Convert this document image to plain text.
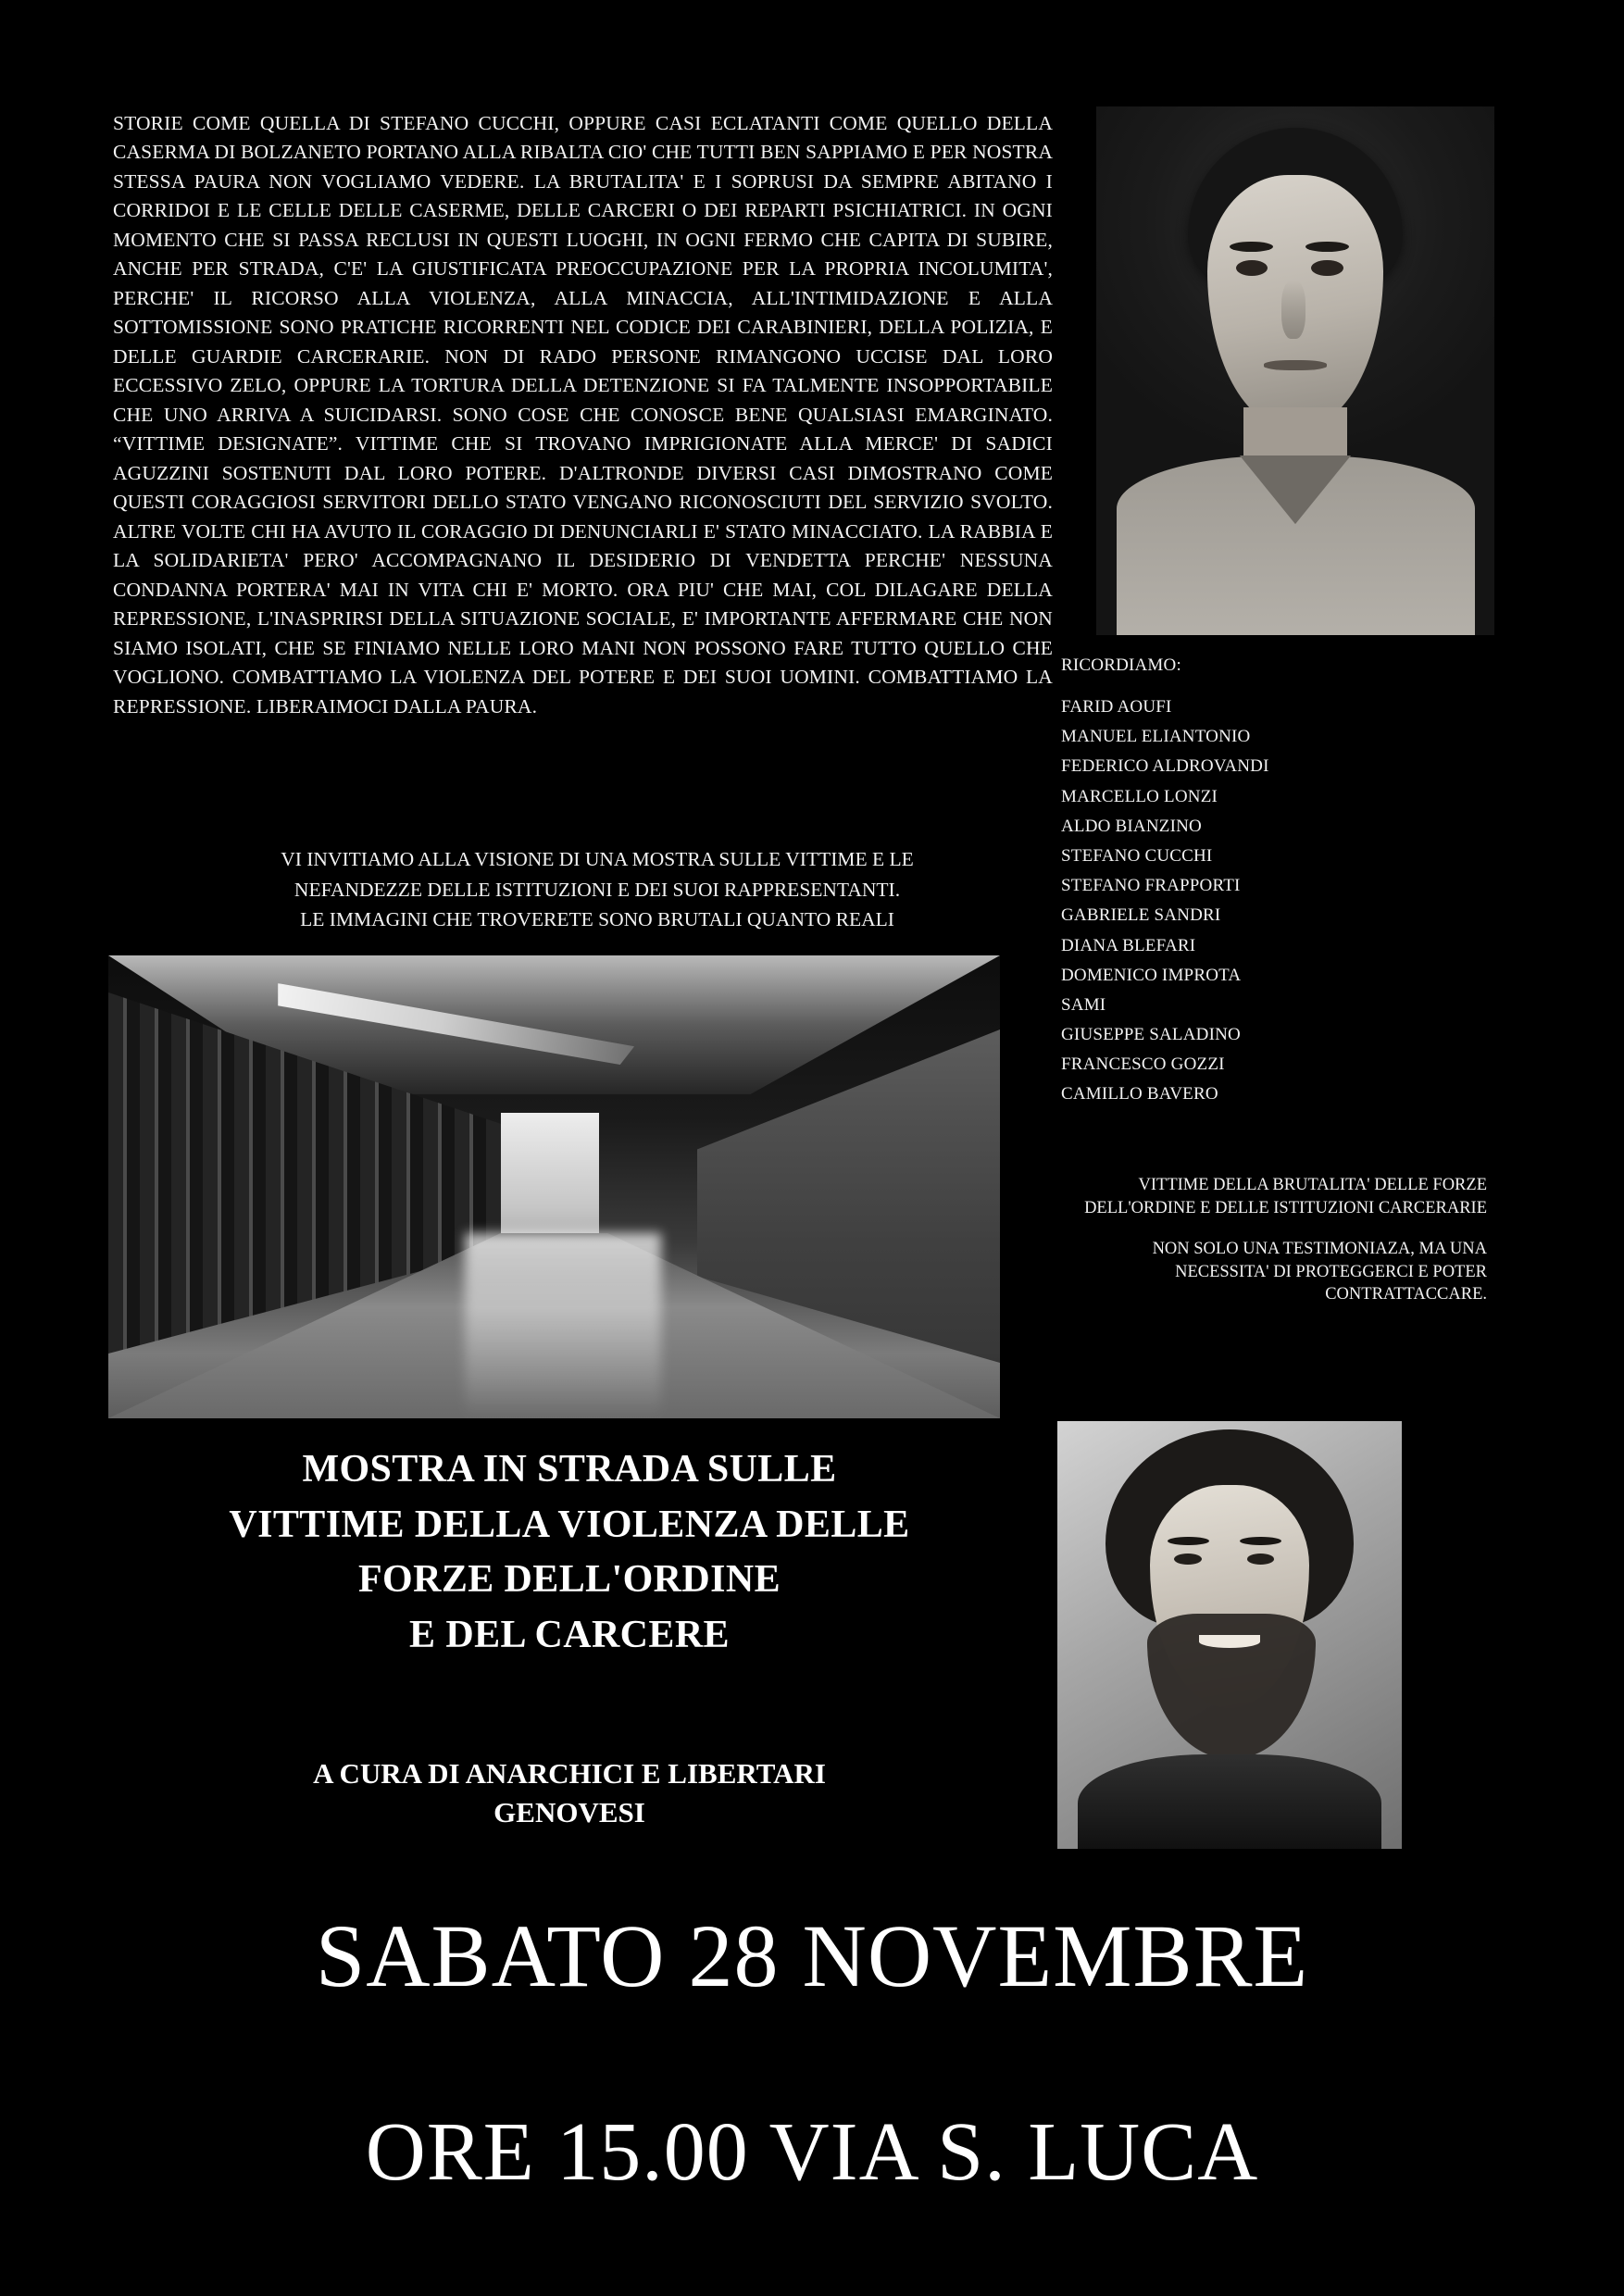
STORIE COME QUELLA DI STEFANO CUCCHI, OPPURE CASI ECLATANTI COME QUELLO DELLA CASERMA DI BOLZANETO PORTANO ALLA RIBALTA CIO' CHE TUTTI BEN SAPPIAMO E PER NOSTRA STESSA PAURA NON VOGLIAMO VEDERE. LA BRUTALITA' E I SOPRUSI DA SEMPRE ABITANO I CORRIDOI E LE CELLE DELLE CASERME, DELLE CARCERI O DEI REPARTI PSICHIATRICI. IN OGNI MOMENTO CHE SI PASSA RECLUSI IN QUESTI LUOGHI, IN OGNI FERMO CHE CAPITA DI SUBIRE, ANCHE PER STRADA, C'E' LA GIUSTIFICATA PREOCCUPAZIONE PER LA PROPRIA INCOLUMITA', PERCHE' IL RICORSO ALLA VIOLENZA, ALLA MINACCIA, ALL'INTIMIDAZIONE E ALLA SOTTOMISSIONE SONO PRATICHE RICORRENTI NEL CODICE DEI CARABINIERI, DELLA POLIZIA, E DELLE GUARDIE CARCERARIE. NON DI RADO PERSONE RIMANGONO UCCISE DAL LORO ECCESSIVO ZELO, OPPURE LA TORTURA DELLA DETENZIONE SI FA TALMENTE INSOPPORTABILE CHE UNO ARRIVA A SUICIDARSI. SONO COSE CHE CONOSCE BENE QUALSIASI EMARGINATO. “VITTIME DESIGNATE”. VITTIME CHE SI TROVANO IMPRIGIONATE ALLA MERCE' DI SADICI AGUZZINI SOSTENUTI DAL LORO POTERE. D'ALTRONDE DIVERSI CASI DIMOSTRANO COME QUESTI CORAGGIOSI SERVITORI DELLO STATO VENGANO RICONOSCIUTI DEL SERVIZIO SVOLTO. ALTRE VOLTE CHI HA AVUTO IL CORAGGIO DI DENUNCIARLI E' STATO MINACCIATO. LA RABBIA E LA SOLIDARIETA' PERO' ACCOMPAGNANO IL DESIDERIO DI VENDETTA PERCHE' NESSUNA CONDANNA PORTERA' MAI IN VITA CHI E' MORTO. ORA PIU' CHE MAI, COL DILAGARE DELLA REPRESSIONE, L'INASPRIRSI DELLA SITUAZIONE SOCIALE, E' IMPORTANTE AFFERMARE CHE NON SIAMO ISOLATI, CHE SE FINIAMO NELLE LORO MANI NON POSSONO FARE TUTTO QUELLO CHE VOGLIONO. COMBATTIAMO LA VIOLENZA DEL POTERE E DEI SUOI UOMINI. COMBATTIAMO LA REPRESSIONE. LIBERAIMOCI DALLA PAURA.
VI INVITIAMO ALLA VISIONE DI UNA MOSTRA SULLE VITTIME E LE
NEFANDEZZE DELLE ISTITUZIONI E DEI SUOI RAPPRESENTANTI.
LE IMMAGINI CHE TROVERETE SONO BRUTALI QUANTO REALI
RICORDIAMO:
FARID AOUFI
MANUEL ELIANTONIO
FEDERICO ALDROVANDI
MARCELLO LONZI
ALDO BIANZINO
STEFANO CUCCHI
STEFANO FRAPPORTI
GABRIELE SANDRI
DIANA BLEFARI
DOMENICO IMPROTA
SAMI
GIUSEPPE SALADINO
FRANCESCO GOZZI
CAMILLO BAVERO
VITTIME DELLA BRUTALITA' DELLE FORZE DELL'ORDINE E DELLE ISTITUZIONI CARCERARIE
NON SOLO UNA TESTIMONIAZA, MA UNA NECESSITA' DI PROTEGGERCI E POTER CONTRATTACCARE.
MOSTRA IN STRADA SULLE
VITTIME DELLA VIOLENZA DELLE
FORZE DELL'ORDINE
E DEL CARCERE
A CURA DI ANARCHICI E LIBERTARI
GENOVESI
SABATO 28 NOVEMBRE
ORE 15.00 VIA S. LUCA
